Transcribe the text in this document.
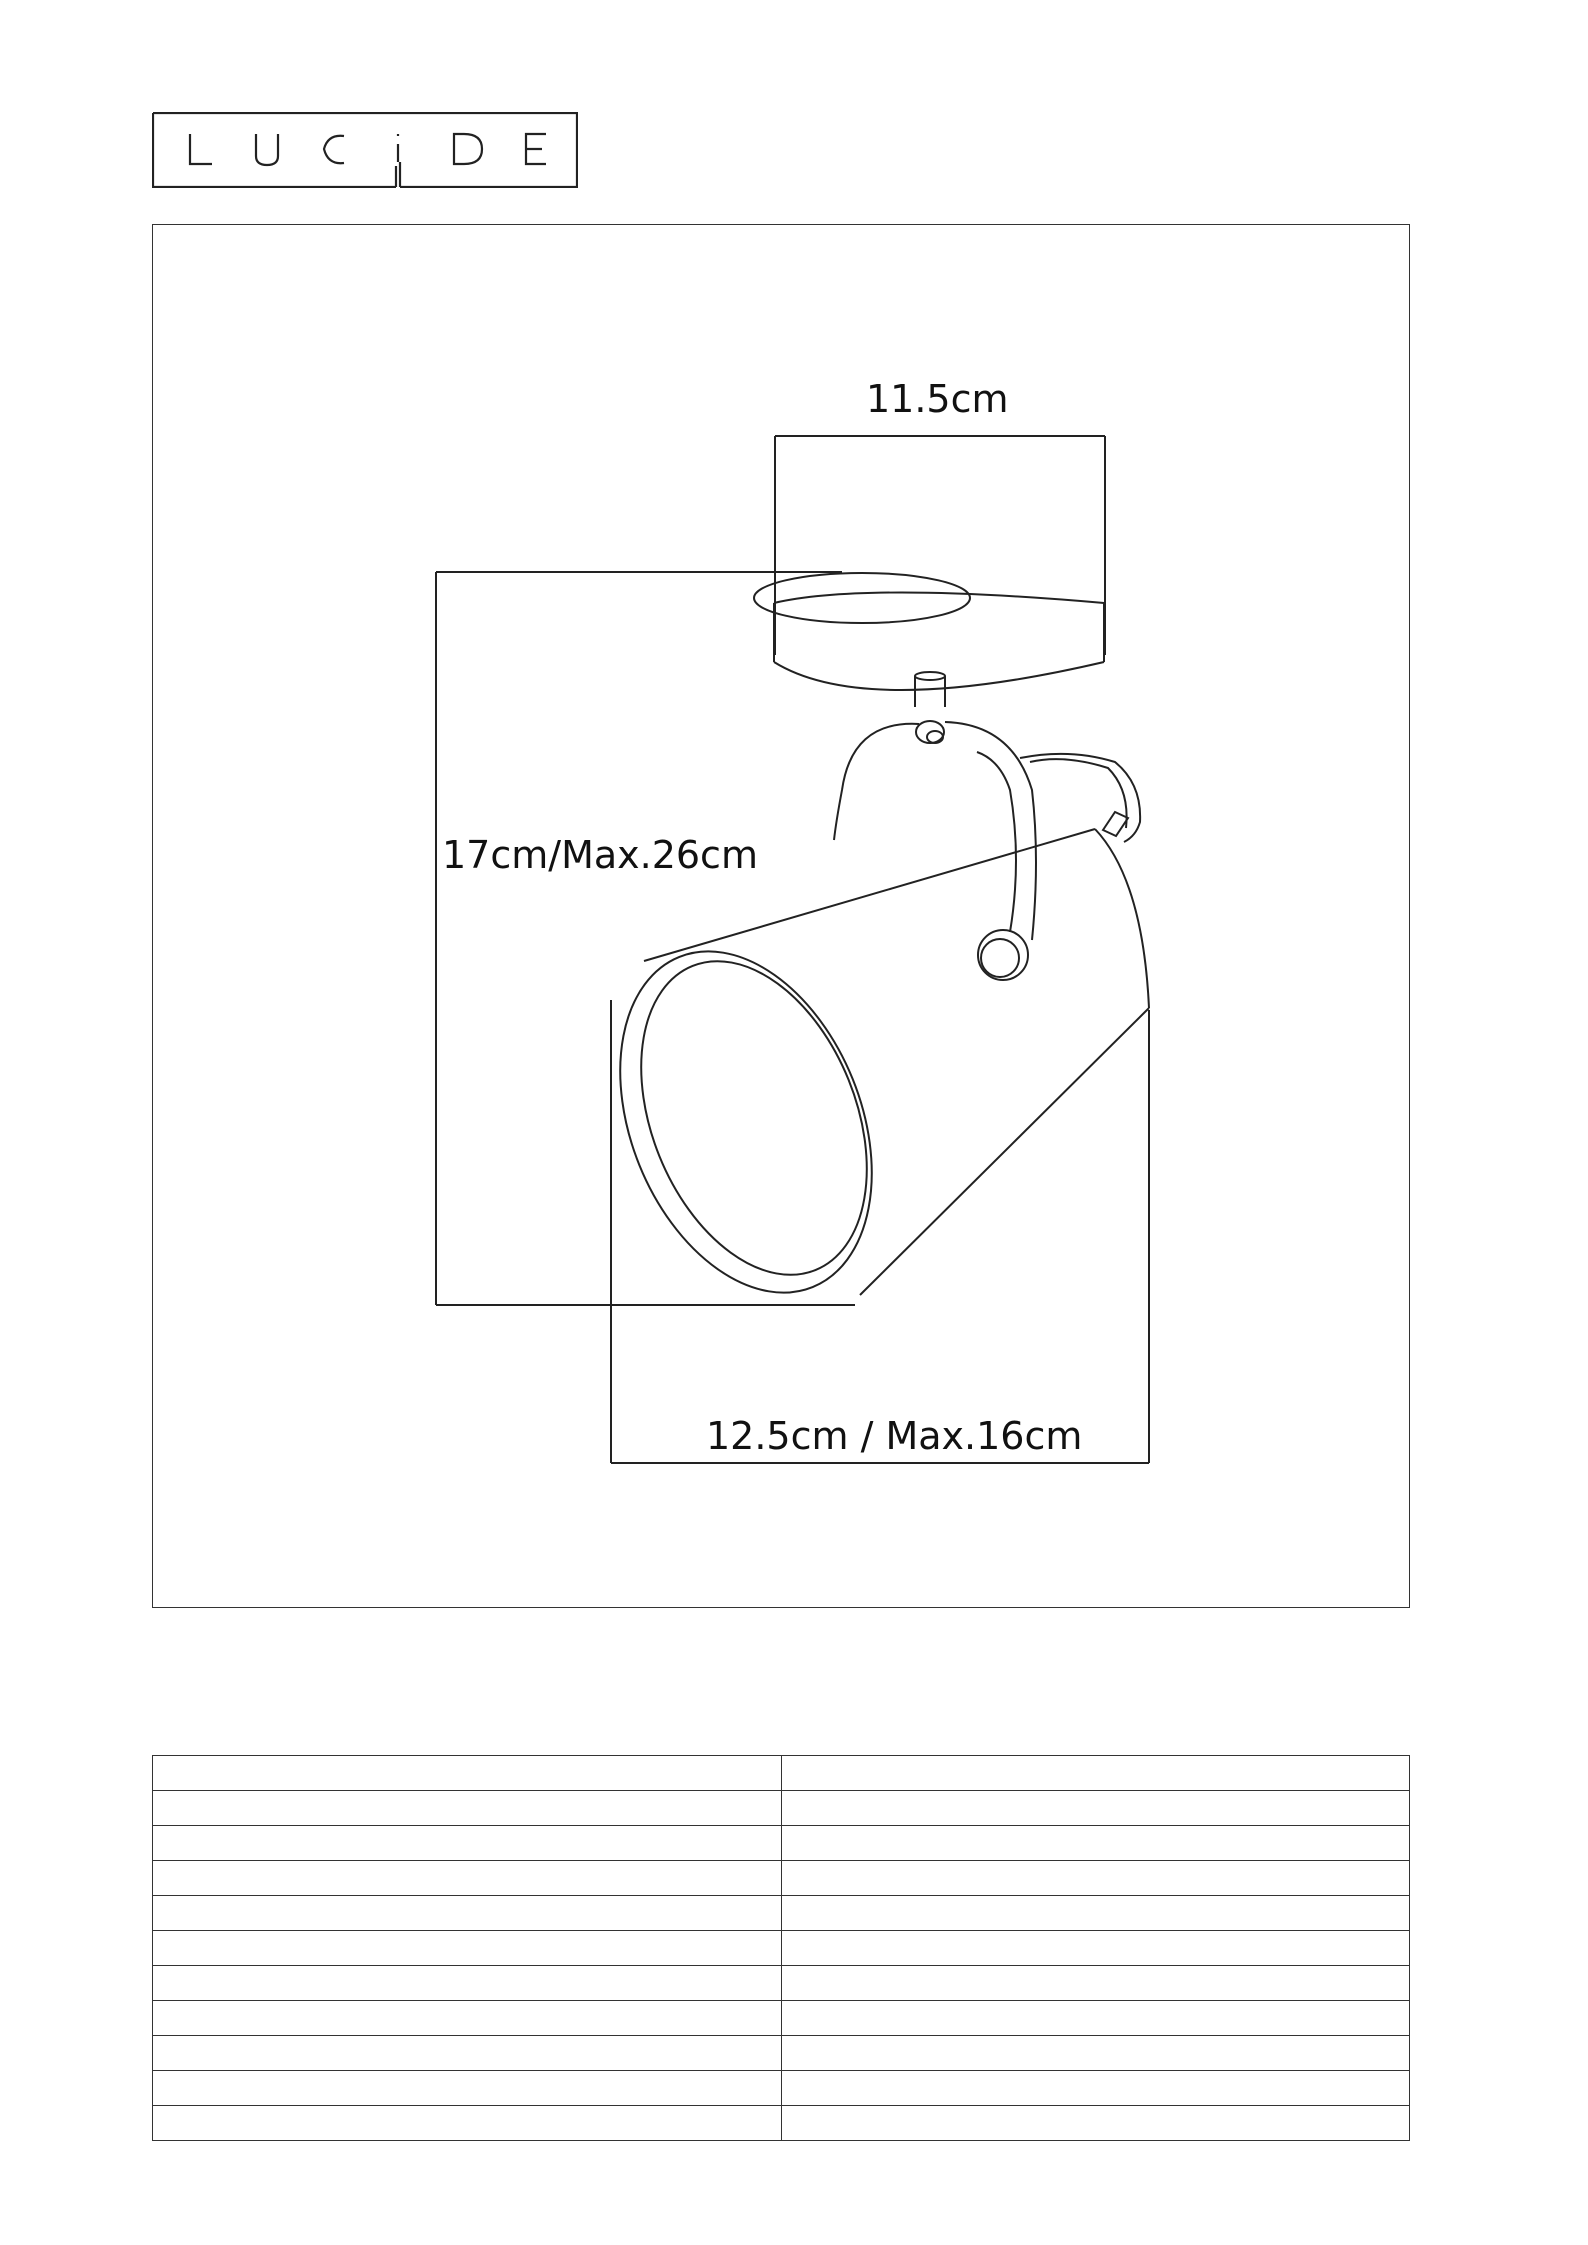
11.5cm
17cm/Max.26cm
12.5cm / Max.16cm
